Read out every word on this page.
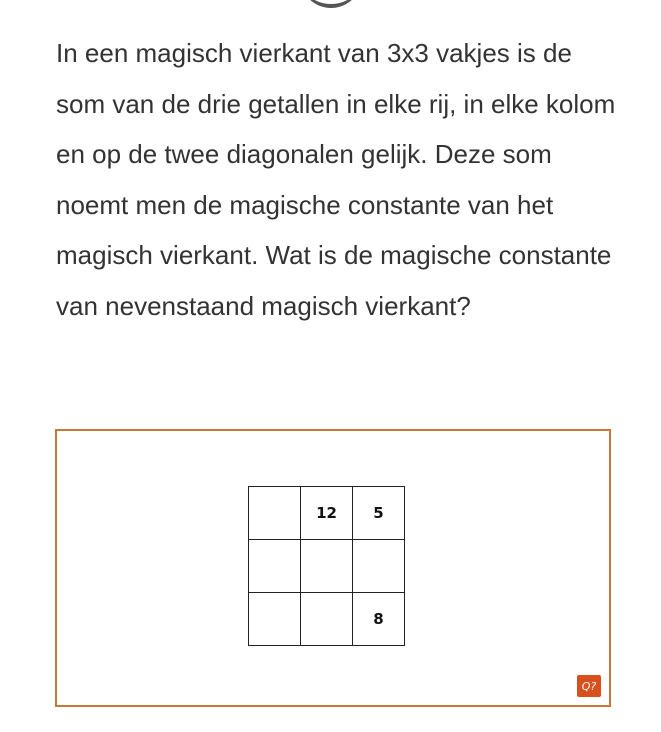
In een magisch vierkant van 3x3 vakjes is de som van de drie getallen in elke rij, in elke kolom en op de twee diagonalen gelijk. Deze som noemt men de magische constante van het magisch vierkant. Wat is de magische constante van nevenstaand magisch vierkant?

	12	5

		8
Q?
